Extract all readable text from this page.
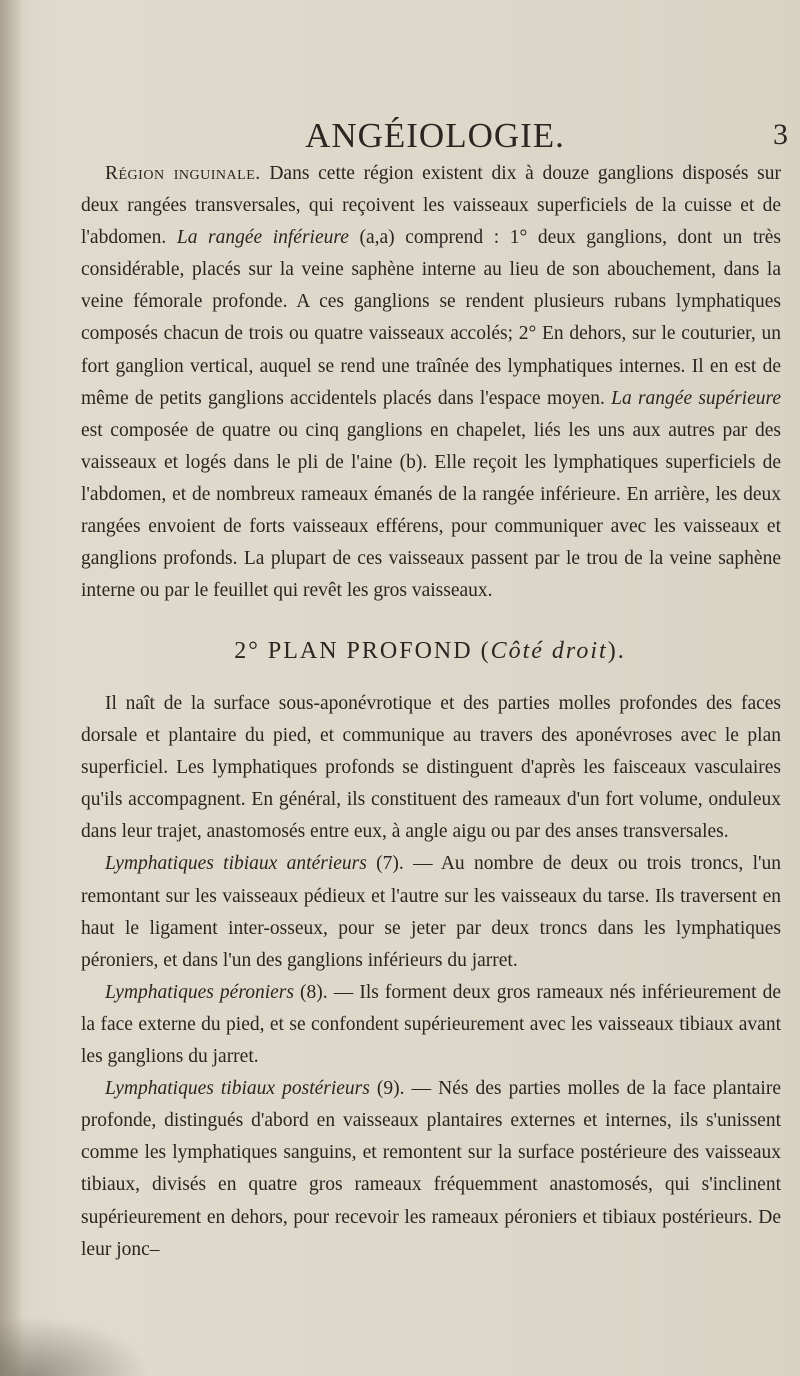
ANGÉIOLOGIE.	3

Région inguinale. Dans cette région existent dix à douze ganglions disposés sur deux rangées transversales, qui reçoivent les vaisseaux superficiels de la cuisse et de l'abdomen. La rangée inférieure (a,a) comprend : 1° deux ganglions, dont un très considérable, placés sur la veine saphène interne au lieu de son abouchement, dans la veine fémorale profonde. A ces ganglions se rendent plusieurs rubans lymphatiques composés chacun de trois ou quatre vaisseaux accolés; 2° En dehors, sur le couturier, un fort ganglion vertical, auquel se rend une traînée des lymphatiques internes. Il en est de même de petits ganglions accidentels placés dans l'espace moyen. La rangée supérieure est composée de quatre ou cinq ganglions en chapelet, liés les uns aux autres par des vaisseaux et logés dans le pli de l'aine (b). Elle reçoit les lymphatiques superficiels de l'abdomen, et de nombreux rameaux émanés de la rangée inférieure. En arrière, les deux rangées envoient de forts vaisseaux efférens, pour communiquer avec les vaisseaux et ganglions profonds. La plupart de ces vaisseaux passent par le trou de la veine saphène interne ou par le feuillet qui revêt les gros vaisseaux.

2° PLAN PROFOND (Côté droit).

Il naît de la surface sous-aponévrotique et des parties molles profondes des faces dorsale et plantaire du pied, et communique au travers des aponévroses avec le plan superficiel. Les lymphatiques profonds se distinguent d'après les faisceaux vasculaires qu'ils accompagnent. En général, ils constituent des rameaux d'un fort volume, onduleux dans leur trajet, anastomosés entre eux, à angle aigu ou par des anses transversales.

Lymphatiques tibiaux antérieurs (7). — Au nombre de deux ou trois troncs, l'un remontant sur les vaisseaux pédieux et l'autre sur les vaisseaux du tarse. Ils traversent en haut le ligament inter-osseux, pour se jeter par deux troncs dans les lymphatiques péroniers, et dans l'un des ganglions inférieurs du jarret.

Lymphatiques péroniers (8). — Ils forment deux gros rameaux nés inférieurement de la face externe du pied, et se confondent supérieurement avec les vaisseaux tibiaux avant les ganglions du jarret.

Lymphatiques tibiaux postérieurs (9). — Nés des parties molles de la face plantaire profonde, distingués d'abord en vaisseaux plantaires externes et internes, ils s'unissent comme les lymphatiques sanguins, et remontent sur la surface postérieure des vaisseaux tibiaux, divisés en quatre gros rameaux fréquemment anastomosés, qui s'inclinent supérieurement en dehors, pour recevoir les rameaux péroniers et tibiaux postérieurs. De leur jonc–
